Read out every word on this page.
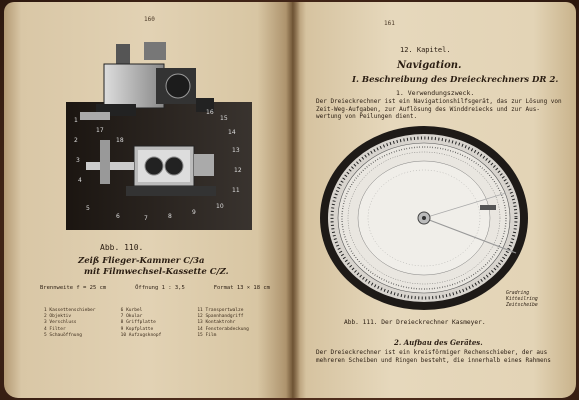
160
1
2
3
4
5
6	7	8
9
10
11
12
13
14
15
16
17
18
Abb. 110.
Zeiß Flieger-Kammer C/3a
mit Filmwechsel-Kassette C/Z.
Brennweite f = 25 cm	Öffnung 1 : 3,5	Format 13 × 18 cm
1 Kassettenschieber
2 Objektiv
3 Verschluss
4 Filter
5 Schauöffnung
6 Kurbel
7 Okular
8 Griffplatte
9 Kopfplatte
10 Aufzugsknopf
11 Transportwalze
12 Spannhandgriff
13 Kontaktrohr
14 Fensterabdeckung
15 Film
161
12. Kapitel.
Navigation.
I. Beschreibung des Dreieckrechners DR 2.
1. Verwendungszweck.
Der Dreieckrechner ist ein Navigationshilfsgerät, das zur Lösung von
Zeit-Weg-Aufgaben, zur Auflösung des Winddreiecks und zur Aus-
wertung von Peilungen dient.
Gradring
Kitteilring
Zeitscheibe
Abb. 111. Der Dreieckrechner Kasmeyer.
2. Aufbau des Gerätes.
Der Dreieckrechner ist ein kreisförmiger Rechenschieber, der aus
mehreren Scheiben und Ringen besteht, die innerhalb eines Rahmens
